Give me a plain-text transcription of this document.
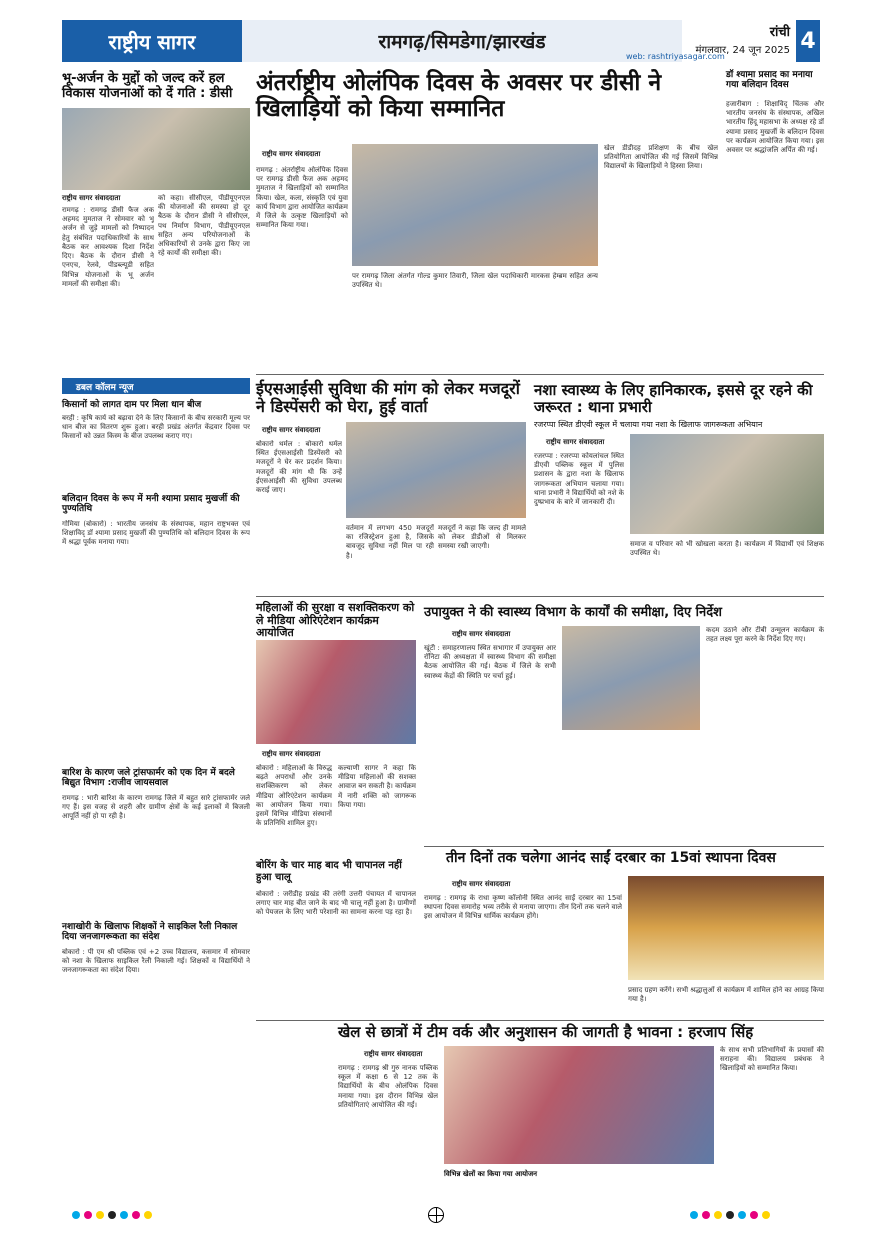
राष्ट्रीय सागर	रामगढ़/सिमडेगा/झारखंड	रांची
मंगलवार, 24 जून 2025 4
web: rashtriyasagar.com
भू-अर्जन के मुद्दों को जल्द करें हल विकास योजनाओं को दें गति : डीसी
राष्ट्रीय सागर संवाददाता
रामगढ़ : रामगढ़ डीसी फैज अक अहमद मुमताज ने सोमवार को भू अर्जन से जुड़े मामलों को निष्पादन हेतु संबंधित पदाधिकारियों के साथ बैठक कर आवश्यक दिशा निर्देश दिए। बैठक के दौरान डीसी ने एनएच, रेलवे, पीडब्ल्यूडी सहित विभिन्न योजनाओं के भू अर्जन मामलों की समीक्षा की।
को कहा। सीसीएल, पीडीयूएनएल की योजनाओं की समस्या हो दूर बैठक के दौरान डीसी ने सीसीएल, पथ निर्माण विभाग, पीडीयूएनएल सहित अन्य परियोजनाओं के अधिकारियों से उनके द्वारा किए जा रहे कार्यों की समीक्षा की।
डबल कॉलम न्यूज
किसानों को लागत दाम पर मिला धान बीज
बरही : कृषि कार्य को बढ़ावा देने के लिए किसानों के बीच सरकारी मूल्य पर धान बीज का वितरण शुरू हुआ। बरही प्रखंड अंतर्गत केंद्रवार दिवस पर किसानों को उन्नत किस्म के बीज उपलब्ध कराए गए।
बलिदान दिवस के रूप में मनी श्यामा प्रसाद मुखर्जी की पुण्यतिथि
गोमिया (बोकारो) : भारतीय जनसंघ के संस्थापक, महान राष्ट्रभक्त एवं शिक्षाविद् डॉ श्यामा प्रसाद मुखर्जी की पुण्यतिथि को बलिदान दिवस के रूप में श्रद्धा पूर्वक मनाया गया।
बारिश के कारण जले ट्रांसफार्मर को एक दिन में बदले बिद्युत विभाग :राजीव जायसवाल
रामगढ़ : भारी बारिश के कारण रामगढ़ जिले में बहुत सारे ट्रांसफार्मर जले गए हैं। इस वजह से शहरी और ग्रामीण क्षेत्रों के कई इलाकों में बिजली आपूर्ति नहीं हो पा रही है।
नशाखोरी के खिलाफ शिक्षकों ने साइकिल रैली निकाल दिया जनजागरूकता का संदेश
बोकारो : पी एम श्री पब्लिक एवं +2 उच्च विद्यालय, कसमार में सोमवार को नशा के खिलाफ साइकिल रैली निकाली गई। शिक्षकों व विद्यार्थियों ने जनजागरूकता का संदेश दिया।
अंतर्राष्ट्रीय ओलंपिक दिवस के अवसर पर डीसी ने खिलाड़ियों को किया सम्मानित
राष्ट्रीय सागर संवाददाता
रामगढ़ : अंतर्राष्ट्रीय ओलंपिक दिवस पर रामगढ़ डीसी फैज अक अहमद मुमताज ने खिलाड़ियों को सम्मानित किया। खेल, कला, संस्कृति एवं युवा कार्य विभाग द्वारा आयोजित कार्यक्रम में जिले के उत्कृष्ट खिलाड़ियों को सम्मानित किया गया।
पर रामगढ़ जिला अंतर्गत गोल्ड कुमार तिवारी, जिला खेल पदाधिकारी मारकस हेम्ब्रम सहित अन्य उपस्थित थे।
खेल डीडीदह प्रशिक्षण के बीच खेल प्रतियोगिता आयोजित की गई जिसमें विभिन्न विद्यालयों के खिलाड़ियों ने हिस्सा लिया।
डॉ श्यामा प्रसाद का मनाया गया बलिदान दिवस
हजारीबाग : शिक्षाविद् चिंतक और भारतीय जनसंघ के संस्थापक, अखिल भारतीय हिंदू महासभा के अध्यक्ष रहे डॉ श्यामा प्रसाद मुखर्जी के बलिदान दिवस पर कार्यक्रम आयोजित किया गया। इस अवसर पर श्रद्धांजलि अर्पित की गई।
ईएसआईसी सुविधा की मांग को लेकर मजदूरों ने डिस्पेंसरी को घेरा, हुई वार्ता
राष्ट्रीय सागर संवाददाता
बोकारो थर्मल : बोकारो थर्मल स्थित ईएसआईसी डिस्पेंसरी को मजदूरों ने घेर कर प्रदर्शन किया। मजदूरों की मांग थी कि उन्हें ईएसआईसी की सुविधा उपलब्ध कराई जाए।
वर्तमान में लगभग 450 मजदूरों का रजिस्ट्रेशन हुआ है, जिसके बावजूद सुविधा नहीं मिल पा रही है।
मजदूरों ने कहा कि जल्द ही मामले को लेकर डीडीओं से मिलकर समस्या रखी जाएगी।
नशा स्वास्थ्य के लिए हानिकारक, इससे दूर रहने की जरूरत : थाना प्रभारी
रजरप्पा स्थित डीएवी स्कूल में चलाया गया नशा के खिलाफ जागरूकता अभियान
राष्ट्रीय सागर संवाददाता
रजरप्पा : रजरप्पा कोयलांचल स्थित डीएवी पब्लिक स्कूल में पुलिस प्रशासन के द्वारा नशा के खिलाफ जागरूकता अभियान चलाया गया। थाना प्रभारी ने विद्यार्थियों को नशे के दुष्प्रभाव के बारे में जानकारी दी।
समाज व परिवार को भी खोखला करता है। कार्यक्रम में विद्यार्थी एवं शिक्षक उपस्थित थे।
महिलाओं की सुरक्षा व सशक्तिकरण को ले मीडिया ओरिएंटेशन कार्यक्रम आयोजित
राष्ट्रीय सागर संवाददाता
बोकारो : महिलाओं के विरुद्ध बढ़ते अपराधों और उनके सशक्तिकरण को लेकर मीडिया ओरिएंटेशन कार्यक्रम का आयोजन किया गया। इसमें विभिन्न मीडिया संस्थानों के प्रतिनिधि शामिल हुए।
कल्याणी सागर ने कहा कि मीडिया महिलाओं की सशक्त आवाज बन सकती है। कार्यक्रम में नारी शक्ति को जागरूक किया गया।
उपायुक्त ने की स्वास्थ्य विभाग के कार्यों की समीक्षा, दिए निर्देश
राष्ट्रीय सागर संवाददाता
खूंटी : समाहरणालय स्थित सभागार में उपायुक्त आर रॉनिटा की अध्यक्षता में स्वास्थ्य विभाग की समीक्षा बैठक आयोजित की गई। बैठक में जिले के सभी स्वास्थ्य केंद्रों की स्थिति पर चर्चा हुई।
कदम उठाने और टीबी उन्मूलन कार्यक्रम के तहत लक्ष्य पूरा करने के निर्देश दिए गए।
तीन दिनों तक चलेगा आनंद साईं दरबार का 15वां स्थापना दिवस
राष्ट्रीय सागर संवाददाता
रामगढ़ : रामगढ़ के राधा कृष्ण कॉलोनी स्थित आनंद साईं दरबार का 15वां स्थापना दिवस समारोह भव्य तरीके से मनाया जाएगा। तीन दिनों तक चलने वाले इस आयोजन में विभिन्न धार्मिक कार्यक्रम होंगे।
प्रसाद ग्रहण करेंगे। सभी श्रद्धालुओं से कार्यक्रम में शामिल होने का आग्रह किया गया है।
बोरिंग के चार माह बाद भी चापानल नहीं हुआ चालू
बोकारो : जरीडीह प्रखंड की तरंगी उत्तरी पंचायत में चापानल लगाए चार माह बीत जाने के बाद भी चालू नहीं हुआ है। ग्रामीणों को पेयजल के लिए भारी परेशानी का सामना करना पड़ रहा है।
खेल से छात्रों में टीम वर्क और अनुशासन की जागती है भावना : हरजाप सिंह
राष्ट्रीय सागर संवाददाता
रामगढ़ : रामगढ़ श्री गुरु नानक पब्लिक स्कूल में कक्षा 6 से 12 तक के विद्यार्थियों के बीच ओलंपिक दिवस मनाया गया। इस दौरान विभिन्न खेल प्रतियोगिताएं आयोजित की गईं।
विभिन्न खेलों का किया गया आयोजन
के साथ सभी प्रतिभागियों के प्रयासों की सराहना की। विद्यालय प्रबंधक ने खिलाड़ियों को सम्मानित किया।
